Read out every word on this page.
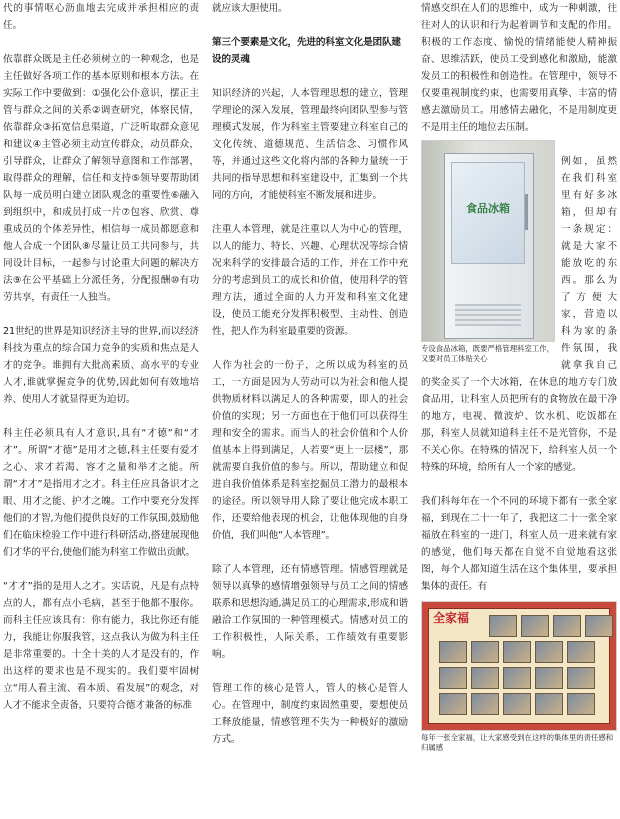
代的事情呕心沥血地去完成并承担相应的责任。

依靠群众既是主任必须树立的一种观念，也是主任做好各项工作的基本原则和根本方法。在实际工作中要做到：①强化公仆意识，摆正主管与群众之间的关系②调查研究，体察民情，依靠群众③拓宽信息渠道，广泛听取群众意见和建议④主管必须主动宣传群众，动员群众，引导群众，让群众了解领导意图和工作部署，取得群众的理解，信任和支持⑤领导要帮助团队每一成员明白建立团队观念的重要性⑥融入到组织中，和成员打成一片⑦包容、欣赏、尊重成员的个体差异性，相信每一成员都愿意和他人合成一个团队⑧尽量让员工共同参与，共同设计目标，一起参与讨论重大问题的解决方法⑨在公平基础上分派任务，分配报酬⑩有功劳共享，有责任一人独当。

21世纪的世界是知识经济主导的世界,而以经济科技为重点的综合国力竞争的实质和焦点是人才的竞争。谁拥有大批高素质、高水平的专业人才,谁就掌握竞争的优势,因此如何有效地培养、使用人才就显得更为迫切。

科主任必须具有人才意识,具有“才德”和“才才”。所谓“才德”是用才之德,科主任要有爱才之心、求才若渴、容才之量和举才之能。所谓“才才”是指用才之才。科主任应具备识才之眼、用才之能、护才之魄。工作中要充分发挥他们的才智,为他们提供良好的工作氛围,鼓励他们在临床检验工作中进行科研活动,搭建展现他们才华的平台,使他们能为科室工作做出贡献。

“才才”指的是用人之才。实话说，凡是有点特点的人，都有点小毛病，甚至于他都不服你。而科主任应该具有：你有能力，我比你还有能力，我能让你服我管，这点我认为做为科主任是非常重要的。十全十美的人才是没有的，作出这样的要求也是不现实的。我们要牢固树立“用人看主流、看本质、看发展”的观念，对人才不能求全责备，只要符合德才兼备的标准

就应该大胆使用。

第三个要素是文化，先进的科室文化是团队建设的灵魂

知识经济的兴起，人本管理思想的建立，管理学理论的深入发展，管理最终向团队型参与管理模式发展，作为科室主管要建立科室自己的文化传统、道德规范、生活信念、习惯作风等，并通过这些文化将内部的各种力量统一于共同的指导思想和科室建设中，汇集到一个共同的方向，才能使科室不断发展和进步。

注重人本管理，就是注重以人为中心的管理，以人的能力、特长、兴趣、心理状况等综合情况来科学的安排最合适的工作，并在工作中充分的考虑到员工的成长和价值，使用科学的管理方法，通过全面的人力开发和科室文化建设，使员工能充分发挥积极型、主动性、创造性，把人作为科室最重要的资源。

人作为社会的一份子，之所以成为科室的员工，一方面是因为人劳动可以为社会和他人提供物质材料以满足人的各种需要，即人的社会价值的实现；另一方面也在于他们可以获得生理和安全的需求。而当人的社会价值和个人价值基本上得到满足，人若要“更上一层楼”，那就需要自我价值的参与。所以，帮助建立和促进自我价值体系是科室挖掘员工潜力的最根本的途径。所以领导用人除了要让他完成本职工作，还要给他表现的机会，让他体现他的自身价值，我们叫他“人本管理”。

除了人本管理，还有情感管理。情感管理就是领导以真挚的感情增强领导与员工之间的情感联系和思想沟通,满足员工的心理需求,形成和谐融洽工作氛围的一种管理模式。情感对员工的工作积极性，人际关系，工作绩效有重要影响。

管理工作的核心是管人，管人的核心是管人心。在管理中，制度约束固然重要，要想使员工释放能量，情感管理不失为一种极好的激励方式。

情感交织在人们的思维中，成为一种刺激，往往对人的认识和行为起着调节和支配的作用。积极的工作态度、愉悦的情绪能使人精神振奋、思维活跃，使员工受到感化和激励，能激发员工的积极性和创造性。在管理中，领导不仅要重视制度约束，也需要用真挚、丰富的情感去激励员工。用感情去融化，不是用制度更不是用主任的地位去压制。

食品冰箱
专设食品冰箱，既要严格管理科室工作，又要对员工体贴关心

例如，虽然在我们科室里有好多冰箱，但却有一条规定：就是大家不能放吃的东西。那么为了方便大家，营造以科为家的条件氛围，我就拿我自己的奖金买了一个大冰箱，在休息的地方专门放食品用，让科室人员把所有的食物放在最干净的地方，电视、微波炉、饮水机、吃饭都在那，科室人员就知道科主任不是光管你，不是不关心你。在特殊的情况下，给科室人员一个特殊的环境，给所有人一个家的感觉。

我们科每年在一个不同的环境下都有一张全家福，到现在二十一年了，我把这二十一张全家福放在科室的一进门，科室人员一进来就有家的感觉，他们每天都在自觉不自觉地看这张图，每个人都知道生活在这个集体里，要承担集体的责任。有

全家福
每年一张全家福，让大家感受到在这样的集体里的责任感和归属感
